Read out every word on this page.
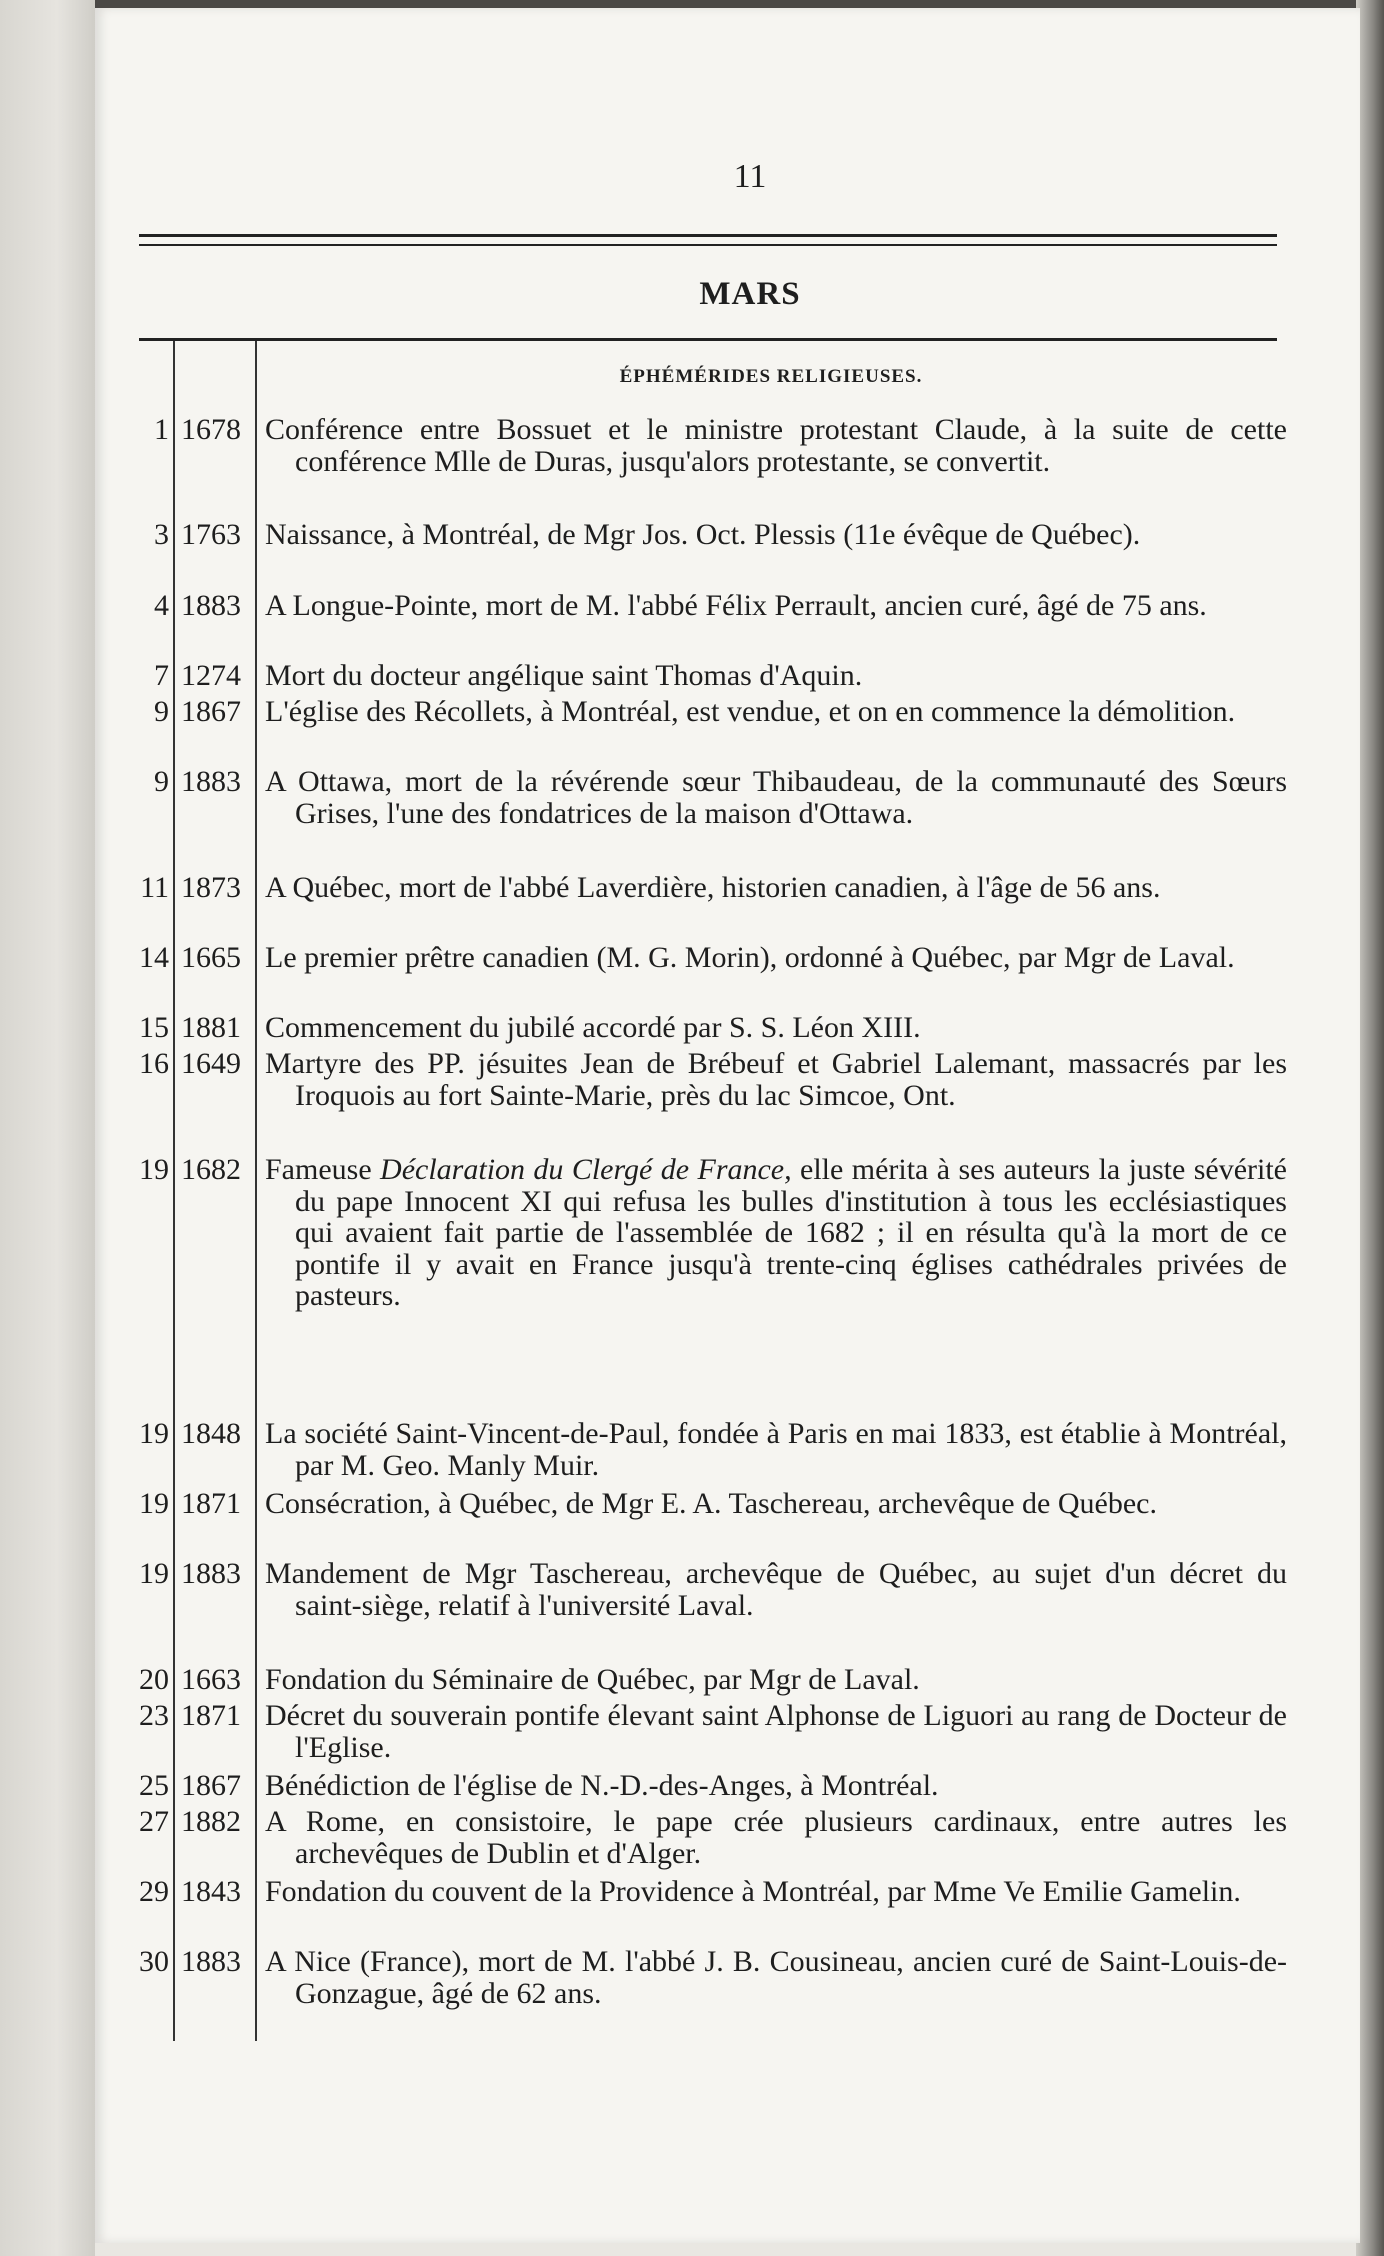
11
MARS
ÉPHÉMÉRIDES RELIGIEUSES.
1 1678 Conférence entre Bossuet et le ministre protestant Claude, à la suite de cette conférence Mlle de Duras, jusqu'alors protestante, se convertit.
3 1763 Naissance, à Montréal, de Mgr Jos. Oct. Plessis (11e évêque de Québec).
4 1883 A Longue-Pointe, mort de M. l'abbé Félix Perrault, ancien curé, âgé de 75 ans.
7 1274 Mort du docteur angélique saint Thomas d'Aquin.
9 1867 L'église des Récollets, à Montréal, est vendue, et on en commence la démolition.
9 1883 A Ottawa, mort de la révérende sœur Thibaudeau, de la communauté des Sœurs Grises, l'une des fondatrices de la maison d'Ottawa.
11 1873 A Québec, mort de l'abbé Laverdière, historien canadien, à l'âge de 56 ans.
14 1665 Le premier prêtre canadien (M. G. Morin), ordonné à Québec, par Mgr de Laval.
15 1881 Commencement du jubilé accordé par S. S. Léon XIII.
16 1649 Martyre des PP. jésuites Jean de Brébeuf et Gabriel Lalemant, massacrés par les Iroquois au fort Sainte-Marie, près du lac Simcoe, Ont.
19 1682 Fameuse Déclaration du Clergé de France, elle mérita à ses auteurs la juste sévérité du pape Innocent XI qui refusa les bulles d'institution à tous les ecclésiastiques qui avaient fait partie de l'assemblée de 1682 ; il en résulta qu'à la mort de ce pontife il y avait en France jusqu'à trente-cinq églises cathédrales privées de pasteurs.
19 1848 La société Saint-Vincent-de-Paul, fondée à Paris en mai 1833, est établie à Montréal, par M. Geo. Manly Muir.
19 1871 Consécration, à Québec, de Mgr E. A. Taschereau, archevêque de Québec.
19 1883 Mandement de Mgr Taschereau, archevêque de Québec, au sujet d'un décret du saint-siège, relatif à l'université Laval.
20 1663 Fondation du Séminaire de Québec, par Mgr de Laval.
23 1871 Décret du souverain pontife élevant saint Alphonse de Liguori au rang de Docteur de l'Eglise.
25 1867 Bénédiction de l'église de N.-D.-des-Anges, à Montréal.
27 1882 A Rome, en consistoire, le pape crée plusieurs cardinaux, entre autres les archevêques de Dublin et d'Alger.
29 1843 Fondation du couvent de la Providence à Montréal, par Mme Ve Emilie Gamelin.
30 1883 A Nice (France), mort de M. l'abbé J. B. Cousineau, ancien curé de Saint-Louis-de-Gonzague, âgé de 62 ans.
